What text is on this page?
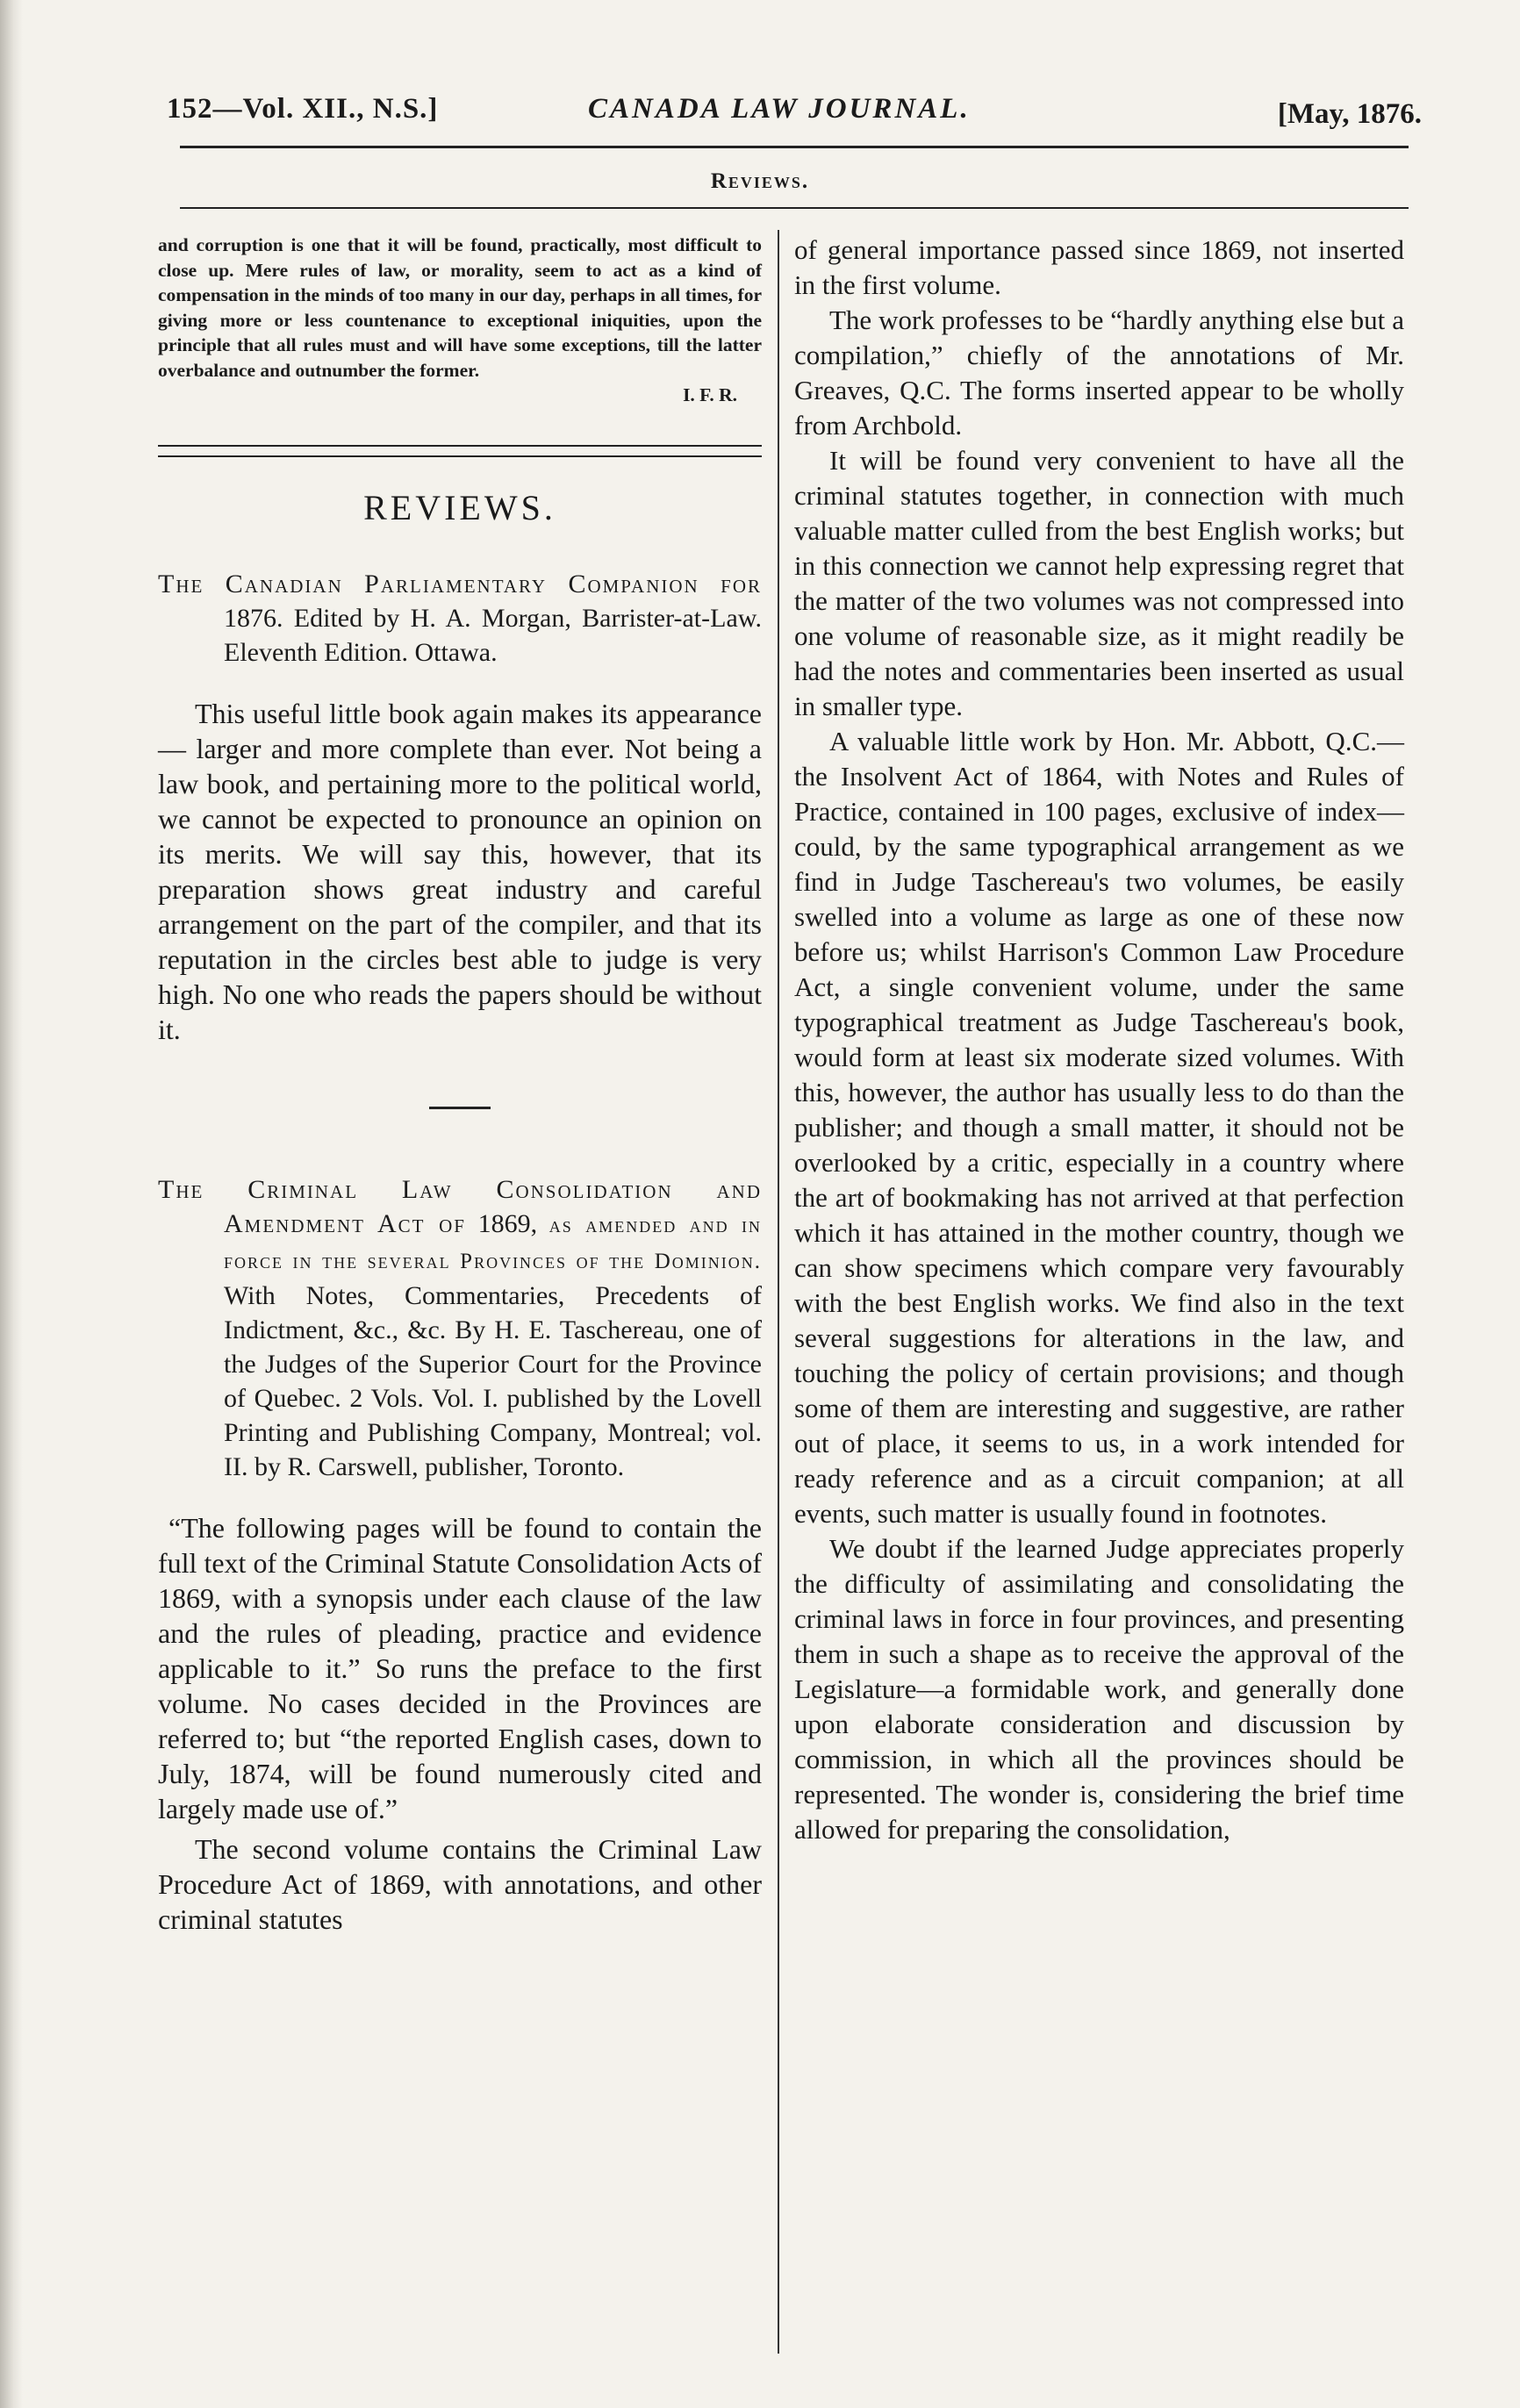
152—Vol. XII., N.S.]	CANADA LAW JOURNAL.	[May, 1876.
Reviews.

and corruption is one that it will be found, practically, most difficult to close up. Mere rules of law, or morality, seem to act as a kind of compensation in the minds of too many in our day, perhaps in all times, for giving more or less countenance to exceptional iniquities, upon the principle that all rules must and will have some exceptions, till the latter overbalance and outnumber the former.

I. F. R.

REVIEWS.

The Canadian Parliamentary Companion for 1876. Edited by H. A. Morgan, Barrister-at-Law. Eleventh Edition. Ottawa.

This useful little book again makes its appearance — larger and more complete than ever. Not being a law book, and pertaining more to the political world, we cannot be expected to pronounce an opinion on its merits. We will say this, however, that its preparation shows great industry and careful arrangement on the part of the compiler, and that its reputation in the circles best able to judge is very high. No one who reads the papers should be without it.

The Criminal Law Consolidation and Amendment Act of 1869, as amended and in force in the several Provinces of the Dominion. With Notes, Commentaries, Precedents of Indictment, &c., &c. By H. E. Taschereau, one of the Judges of the Superior Court for the Province of Quebec. 2 Vols. Vol. I. published by the Lovell Printing and Publishing Company, Montreal; vol. II. by R. Carswell, publisher, Toronto.

“The following pages will be found to contain the full text of the Criminal Statute Consolidation Acts of 1869, with a synopsis under each clause of the law and the rules of pleading, practice and evidence applicable to it.” So runs the preface to the first volume. No cases decided in the Provinces are referred to; but “the reported English cases, down to July, 1874, will be found numerously cited and largely made use of.”

The second volume contains the Criminal Law Procedure Act of 1869, with annotations, and other criminal statutes

of general importance passed since 1869, not inserted in the first volume.

The work professes to be “hardly anything else but a compilation,” chiefly of the annotations of Mr. Greaves, Q.C. The forms inserted appear to be wholly from Archbold.

It will be found very convenient to have all the criminal statutes together, in connection with much valuable matter culled from the best English works; but in this connection we cannot help expressing regret that the matter of the two volumes was not compressed into one volume of reasonable size, as it might readily be had the notes and commentaries been inserted as usual in smaller type.

A valuable little work by Hon. Mr. Abbott, Q.C.—the Insolvent Act of 1864, with Notes and Rules of Practice, contained in 100 pages, exclusive of index—could, by the same typographical arrangement as we find in Judge Taschereau's two volumes, be easily swelled into a volume as large as one of these now before us; whilst Harrison's Common Law Procedure Act, a single convenient volume, under the same typographical treatment as Judge Taschereau's book, would form at least six moderate sized volumes. With this, however, the author has usually less to do than the publisher; and though a small matter, it should not be overlooked by a critic, especially in a country where the art of bookmaking has not arrived at that perfection which it has attained in the mother country, though we can show specimens which compare very favourably with the best English works. We find also in the text several suggestions for alterations in the law, and touching the policy of certain provisions; and though some of them are interesting and suggestive, are rather out of place, it seems to us, in a work intended for ready reference and as a circuit companion; at all events, such matter is usually found in footnotes.

We doubt if the learned Judge appreciates properly the difficulty of assimilating and consolidating the criminal laws in force in four provinces, and presenting them in such a shape as to receive the approval of the Legislature—a formidable work, and generally done upon elaborate consideration and discussion by commission, in which all the provinces should be represented. The wonder is, considering the brief time allowed for preparing the consolidation,
